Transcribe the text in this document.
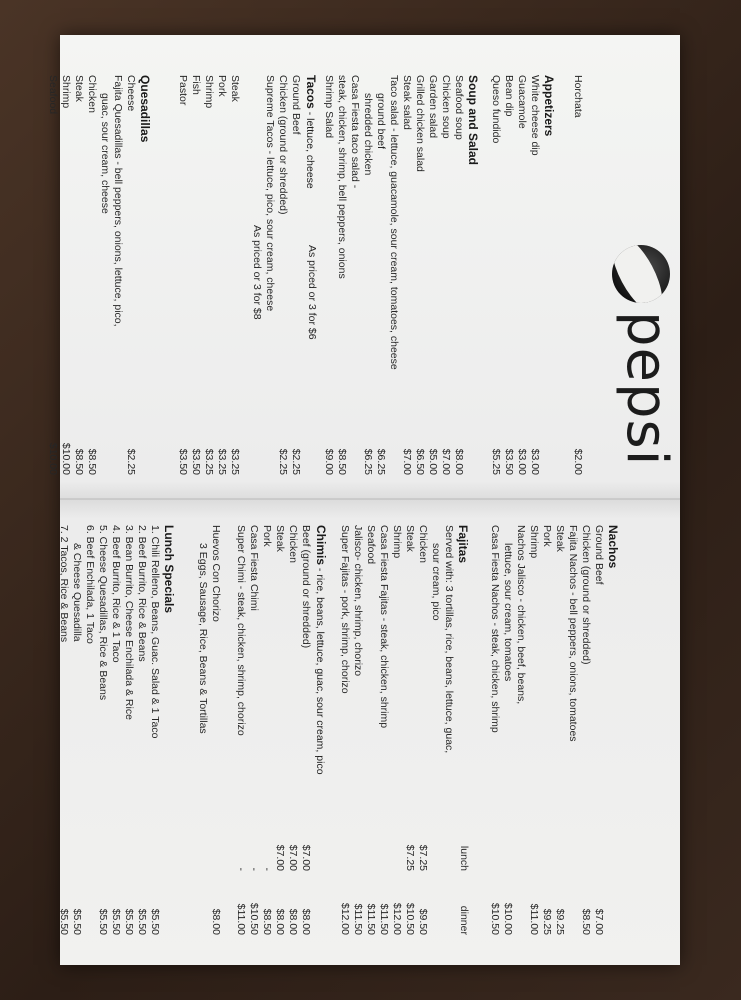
pepsi
Horchata
$2.00
Appetizers
White cheese dip
$3.00
Guacamole
$3.00
Bean dip
$3.50
Queso fundido
$5.25
Soup and Salad
Seafood soup
$8.00
Chicken soup
$7.00
Garden salad
$5.00
Grilled chicken salad
$6.50
Steak salad
$7.00
Taco salad - lettuce, guacamole, sour cream, tomatoes, cheese
ground beef
$6.25
shredded chicken
$6.25
Casa Fiesta taco salad -
steak, chicken, shrimp, bell peppers, onions
$8.50
Shrimp Salad
$9.00
Tacos - lettuce, cheese
As priced or 3 for $6
Ground Beef
$2.25
Chicken (ground or shredded)
$2.25
Supreme Tacos - lettuce, pico, sour cream, cheese
As priced or 3 for $8
Steak
$3.25
Pork
$3.25
Shrimp
$3.25
Fish
$3.50
Pastor
$3.50
Quesadillas
Cheese
$2.25
Fajita Quesadillas - bell peppers, onions, lettuce, pico,
guac, sour cream, cheese
Chicken
$8.50
Steak
$8.50
Shrimp
$10.00
Seafood
$10.00
Nachos
Ground Beef
$7.00
Chicken (ground or shredded)
$8.50
Fajita Nachos - bell peppers, onions, tomatoes
Steak
$9.25
Pork
$9.25
Shrimp
$11.00
Nachos Jalisco - chicken, beef, beans,
lettuce, sour cream, tomatoes
$10.00
Casa Fiesta Nachos - steak, chicken, shrimp
$10.50
Fajitas
lunch
dinner
Served with: 3 tortillas, rice, beans, lettuce, guac,
sour cream, pico
Chicken
$7.25
$9.50
Steak
$7.25
$10.50
Shrimp
$12.00
Casa Fiesta Fajitas - steak, chicken, shrimp
$11.50
Seafood
$11.50
Jalisco- chicken, shrimp, chorizo
$11.50
Super Fajitas - pork, shrimp, chorizo
$12.00
Chimis - rice, beans, lettuce, guac, sour cream, pico
Beef (ground or shredded)
$7.00
$8.00
Chicken
$7.00
$8.00
Steak
$7.00
$8.00
Pork
-
$8.50
Casa Fiesta Chimi
-
$10.50
Super Chimi - steak, chicken, shrimp, chorizo
-
$11.00
Huevos Con Chorizo
$8.00
3 Eggs, Sausage, Rice, Beans & Tortillas
Lunch Specials
1. Chili Relleno, Beans, Guac. Salad & 1 Taco
$5.50
2. Beef Burrito, Rice & Beans
$5.50
3. Bean Burrito, Cheese Enchilada & Rice
$5.50
4. Beef Burrito, Rice & 1 Taco
$5.50
5. Cheese Quesadillas, Rice & Beans
$5.50
6. Beef Enchilada, 1 Taco
& Cheese Quesadilla
$5.50
7. 2 Tacos, Rice & Beans
$5.50
